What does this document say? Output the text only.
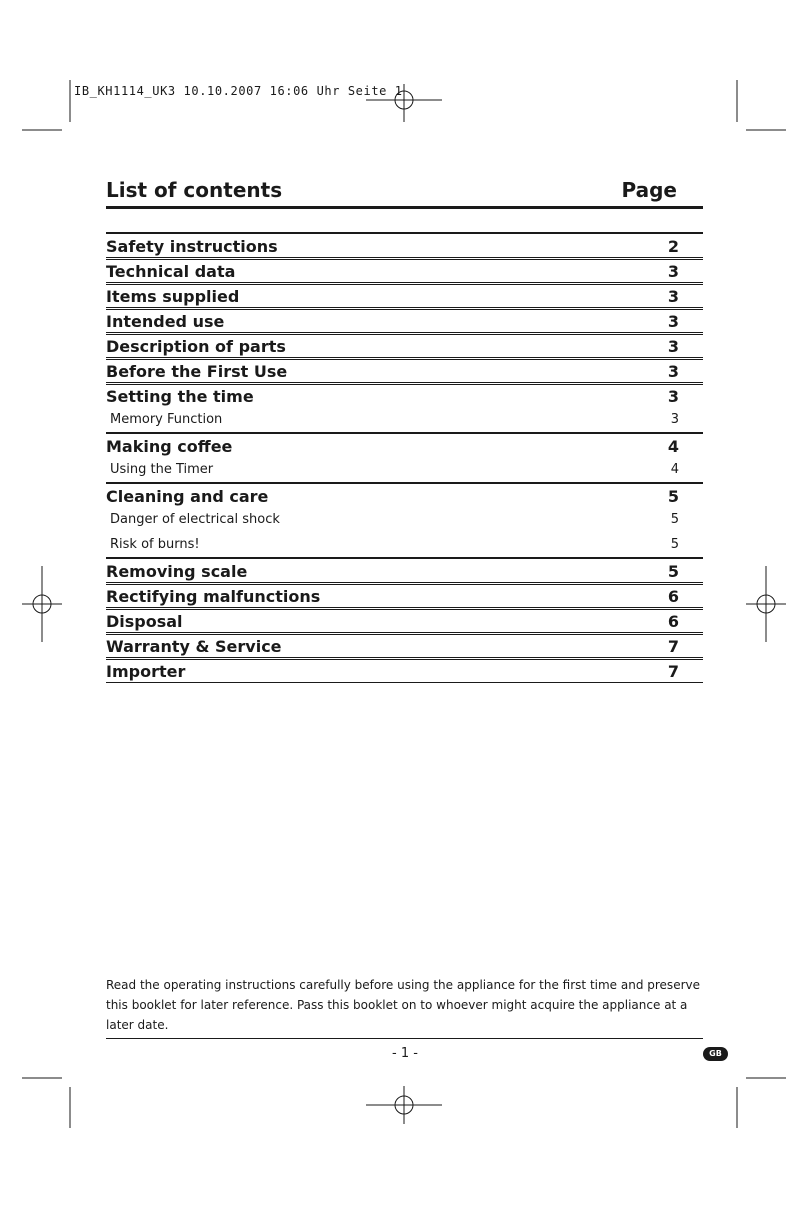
IB_KH1114_UK3 10.10.2007 16:06 Uhr Seite 1
List of contents	Page
Safety instructions	2
Technical data	3
Items supplied	3
Intended use	3
Description of parts	3
Before the First Use	3
Setting the time	3
Memory Function	3
Making coffee	4
Using the Timer	4
Cleaning and care	5
Danger of electrical shock	5
Risk of burns!	5
Removing scale	5
Rectifying malfunctions	6
Disposal	6
Warranty & Service	7
Importer	7
Read the operating instructions carefully before using the appliance for the first time and preserve this booklet for later reference. Pass this booklet on to whoever might acquire the appliance at a later date.
- 1 -	GB
